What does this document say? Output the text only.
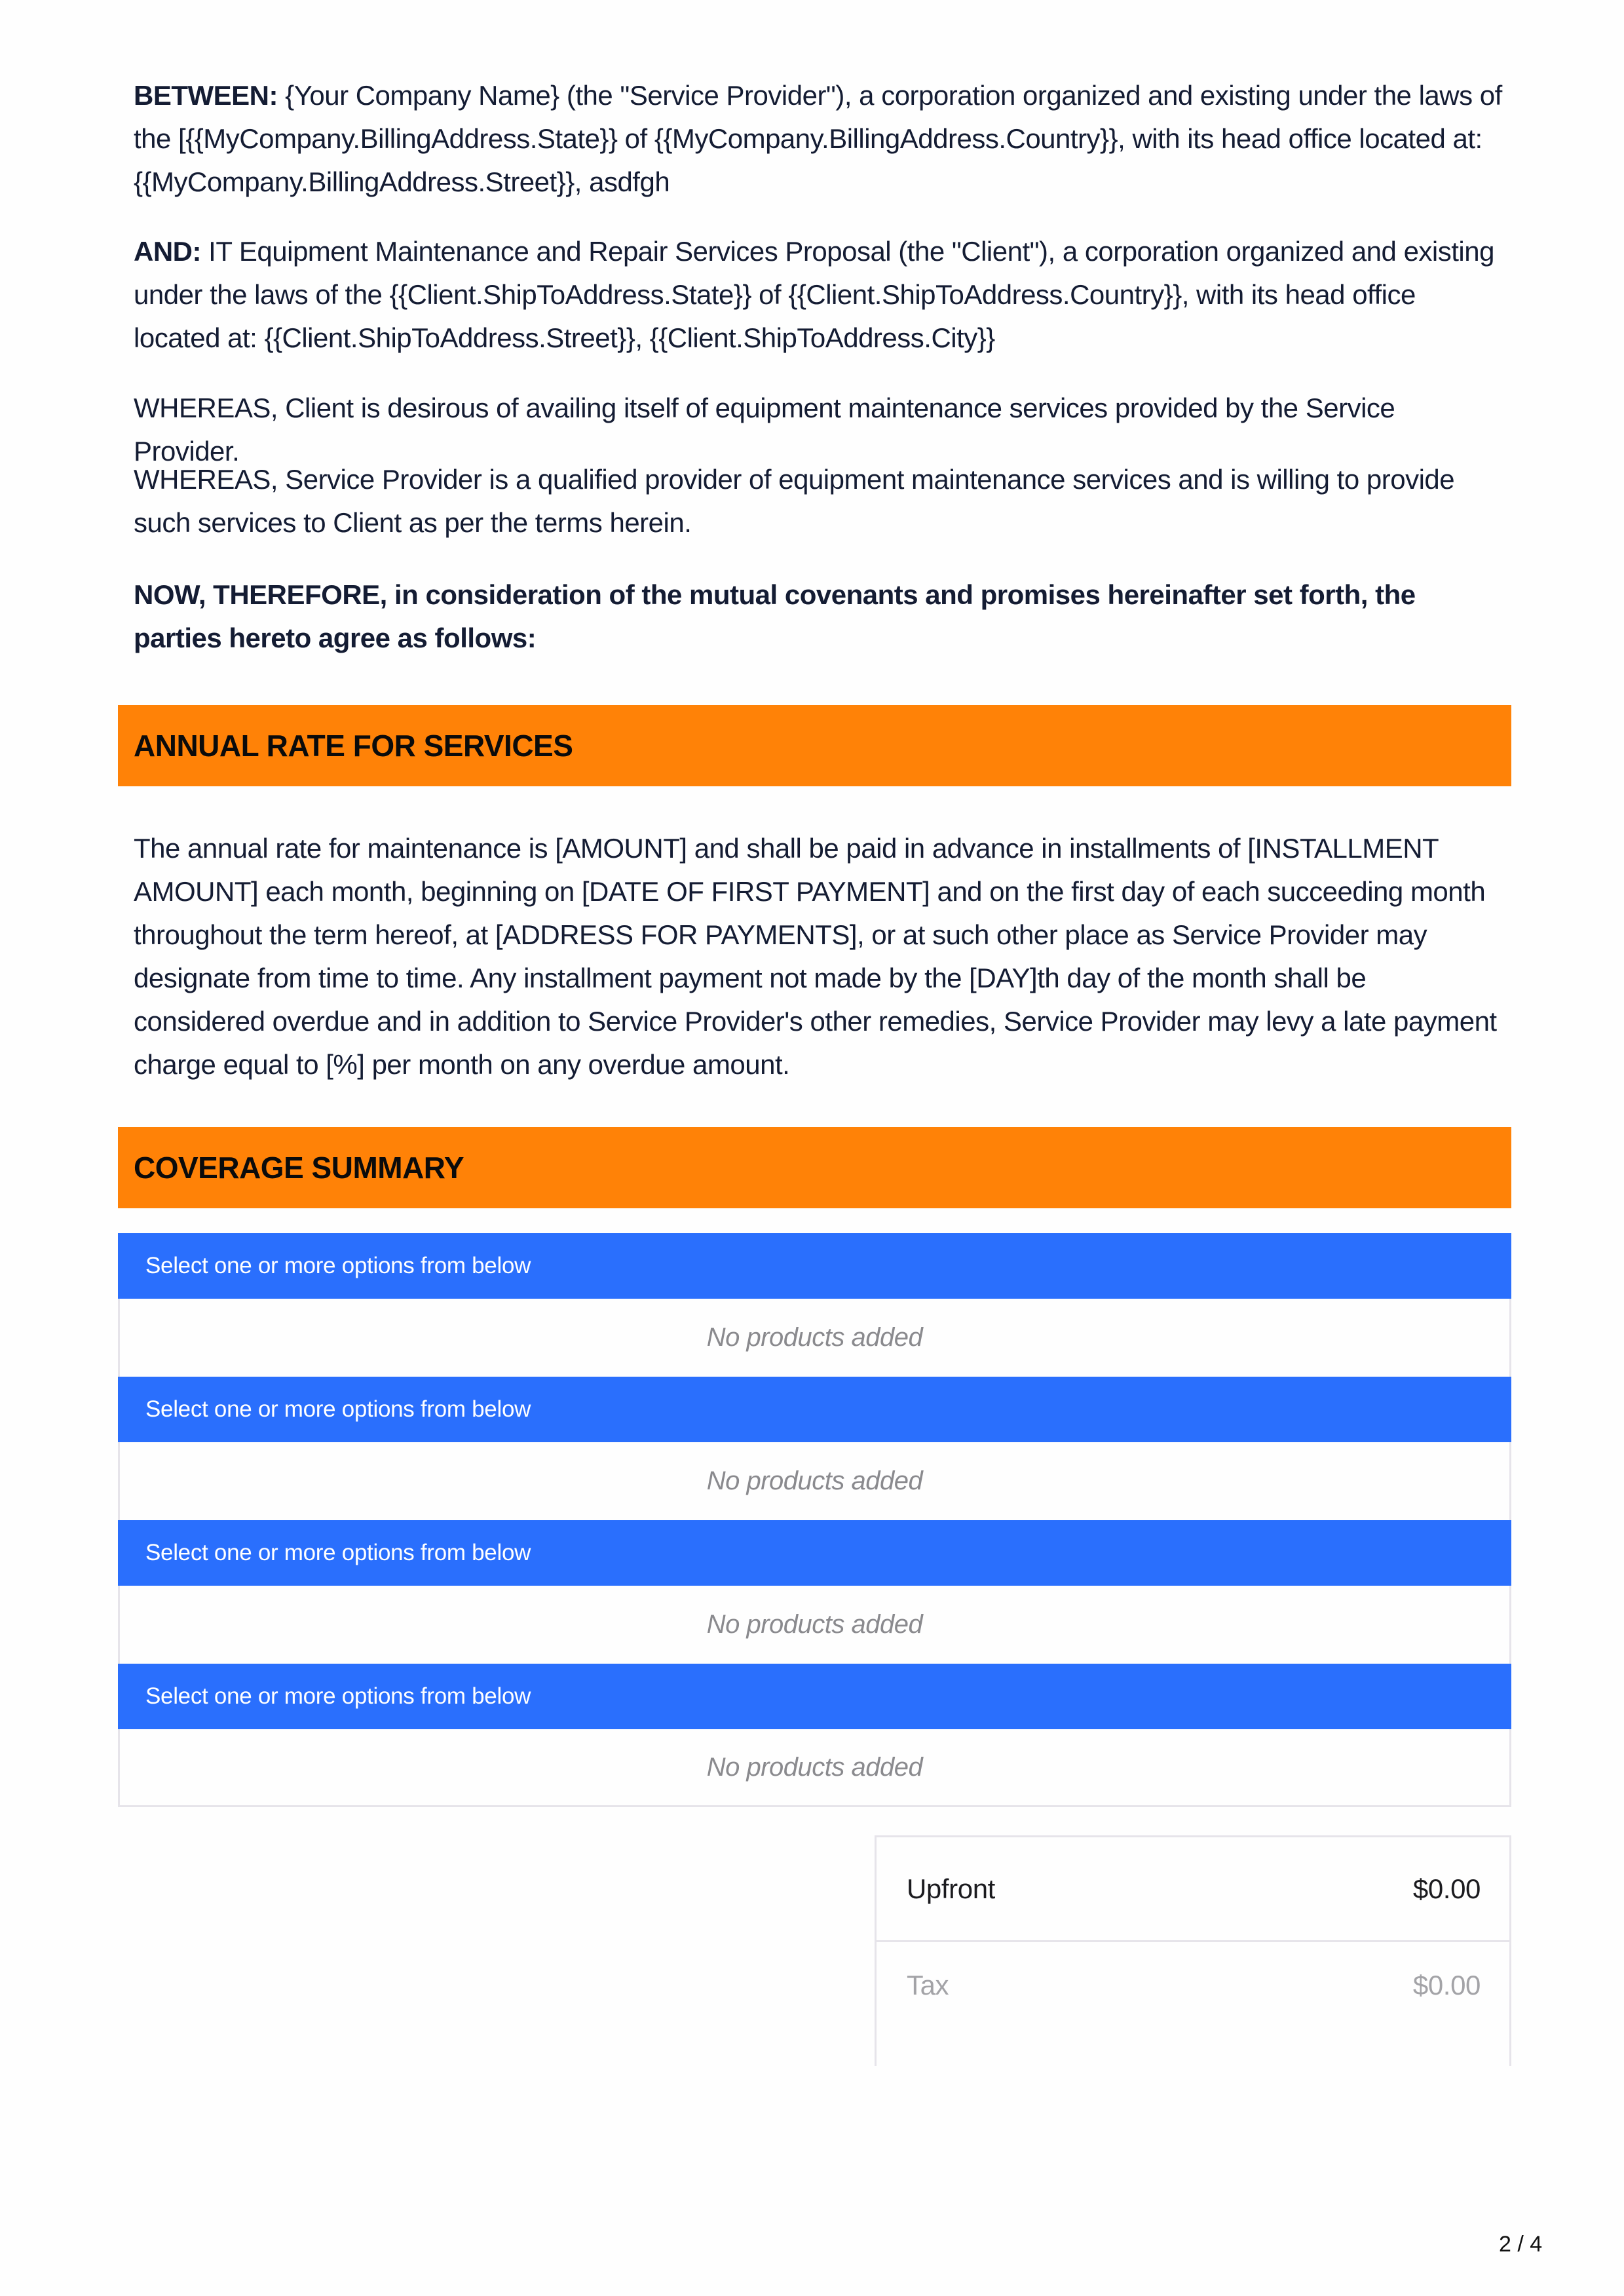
BETWEEN: {Your Company Name} (the "Service Provider"), a corporation organized and existing under the laws of the [{{MyCompany.BillingAddress.State}} of {{MyCompany.BillingAddress.Country}}, with its head office located at: {{MyCompany.BillingAddress.Street}}, asdfgh

AND: IT Equipment Maintenance and Repair Services Proposal (the "Client"), a corporation organized and existing under the laws of the {{Client.ShipToAddress.State}} of {{Client.ShipToAddress.Country}}, with its head office located at: {{Client.ShipToAddress.Street}}, {{Client.ShipToAddress.City}}

WHEREAS, Client is desirous of availing itself of equipment maintenance services provided by the Service Provider.

WHEREAS, Service Provider is a qualified provider of equipment maintenance services and is willing to provide such services to Client as per the terms herein.

NOW, THEREFORE, in consideration of the mutual covenants and promises hereinafter set forth, the parties hereto agree as follows:

ANNUAL RATE FOR SERVICES

The annual rate for maintenance is [AMOUNT] and shall be paid in advance in installments of [INSTALLMENT AMOUNT] each month, beginning on [DATE OF FIRST PAYMENT] and on the first day of each succeeding month throughout the term hereof, at [ADDRESS FOR PAYMENTS], or at such other place as Service Provider may designate from time to time. Any installment payment not made by the [DAY]th day of the month shall be considered overdue and in addition to Service Provider's other remedies, Service Provider may levy a late payment charge equal to [%] per month on any overdue amount.

COVERAGE SUMMARY
Select one or more options from below
No products added
Select one or more options from below
No products added
Select one or more options from below
No products added
Select one or more options from below
No products added
Upfront	$0.00
Tax	$0.00
2 / 4
